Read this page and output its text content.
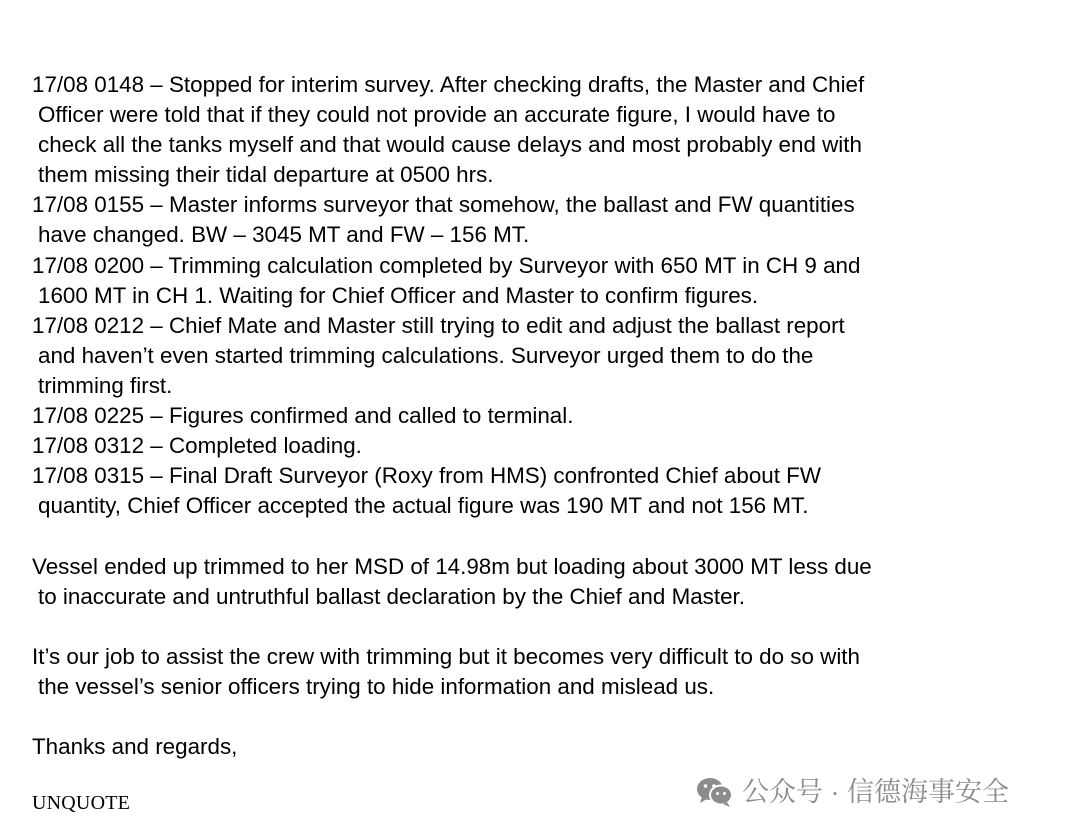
17/08 0148 – Stopped for interim survey. After checking drafts, the Master and Chief
Officer were told that if they could not provide an accurate figure, I would have to
check all the tanks myself and that would cause delays and most probably end with
them missing their tidal departure at 0500 hrs.
17/08 0155 – Master informs surveyor that somehow, the ballast and FW quantities
have changed. BW – 3045 MT and FW – 156 MT.
17/08 0200 – Trimming calculation completed by Surveyor with 650 MT in CH 9 and
1600 MT in CH 1. Waiting for Chief Officer and Master to confirm figures.
17/08 0212 – Chief Mate and Master still trying to edit and adjust the ballast report
and haven’t even started trimming calculations. Surveyor urged them to do the
trimming first.
17/08 0225 – Figures confirmed and called to terminal.
17/08 0312 – Completed loading.
17/08 0315 – Final Draft Surveyor (Roxy from HMS) confronted Chief about FW
quantity, Chief Officer accepted the actual figure was 190 MT and not 156 MT.
Vessel ended up trimmed to her MSD of 14.98m but loading about 3000 MT less due
to inaccurate and untruthful ballast declaration by the Chief and Master.
It’s our job to assist the crew with trimming but it becomes very difficult to do so with
the vessel’s senior officers trying to hide information and mislead us.
Thanks and regards,
UNQUOTE	公众号 · 信德海事安全
